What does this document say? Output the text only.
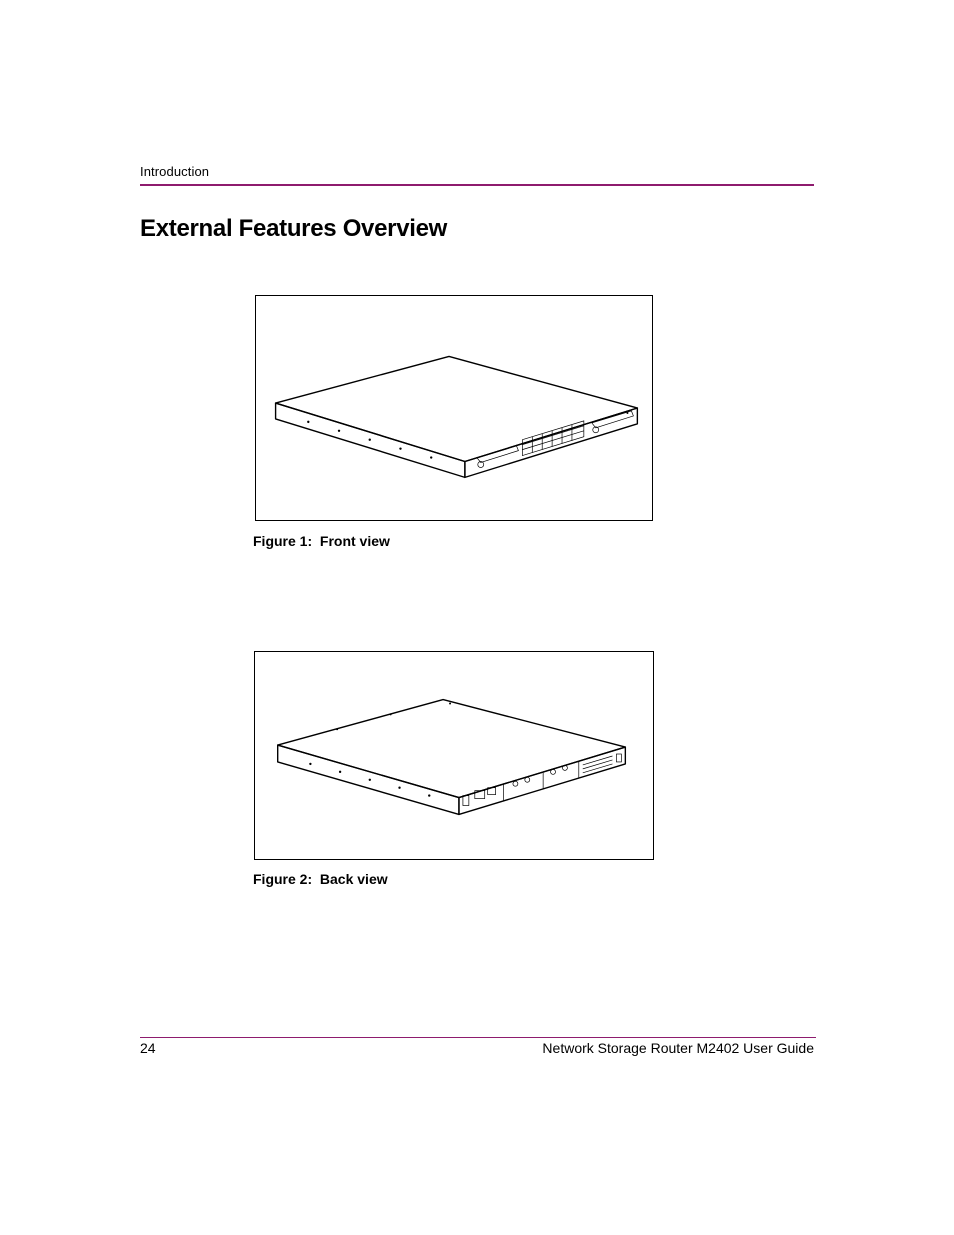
Introduction
External Features Overview
Figure 1: Front view
Figure 2: Back view
24	Network Storage Router M2402 User Guide
